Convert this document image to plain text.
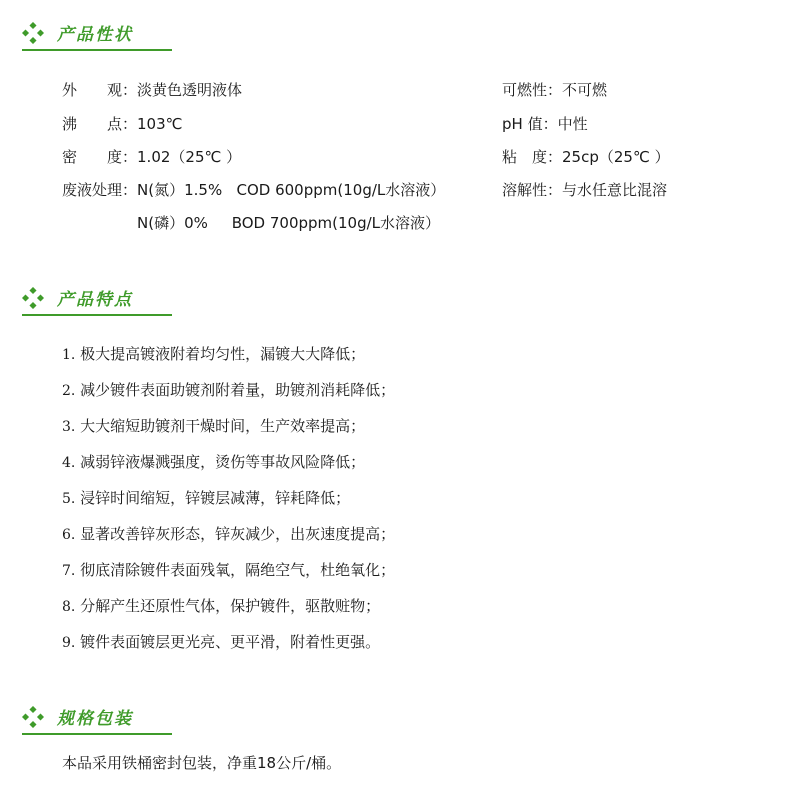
产品性状
外　　观：淡黄色透明液体	可燃性：不可燃
沸　　点：103℃	pH 值：中性
密　　度：1.02（25℃ ）	粘　度：25cp（25℃ ）
废液处理：N(氮）1.5%   COD 600ppm(10g/L水溶液）	溶解性：与水任意比混溶
N(磷）0%     BOD 700ppm(10g/L水溶液）
产品特点
1. 极大提高镀液附着均匀性，漏镀大大降低；
2. 减少镀件表面助镀剂附着量，助镀剂消耗降低；
3. 大大缩短助镀剂干燥时间，生产效率提高；
4. 减弱锌液爆溅强度，烫伤等事故风险降低；
5. 浸锌时间缩短，锌镀层减薄，锌耗降低；
6. 显著改善锌灰形态，锌灰减少，出灰速度提高；
7. 彻底清除镀件表面残氧，隔绝空气，杜绝氧化；
8. 分解产生还原性气体，保护镀件，驱散赃物；
9. 镀件表面镀层更光亮、更平滑，附着性更强。
规格包装
本品采用铁桶密封包装，净重18公斤/桶。
